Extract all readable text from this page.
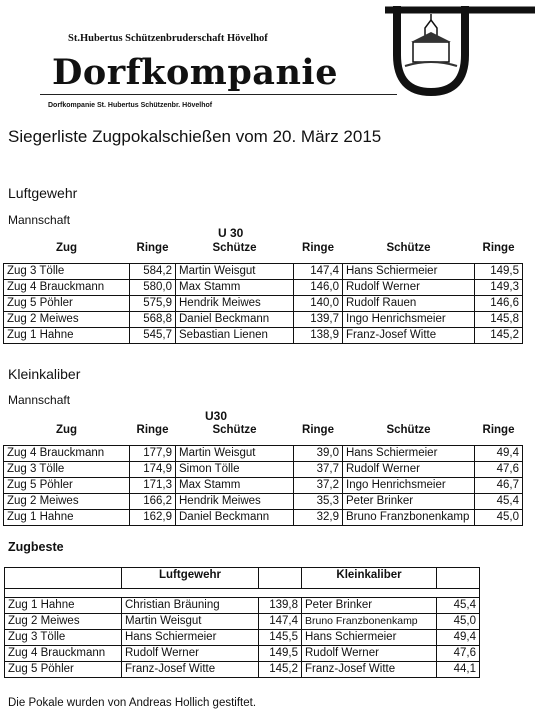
St.Hubertus Schützenbruderschaft Hövelhof
Dorfkompanie
Dorfkompanie St. Hubertus Schützenbr. Hövelhof
Siegerliste Zugpokalschießen vom 20. März 2015
Luftgewehr
Mannschaft
U 30
Zug	Ringe	Schütze	Ringe	Schütze	Ringe

Zug 3 Tölle	584,2	Martin Weisgut	147,4	Hans Schiermeier	149,5
Zug 4 Brauckmann	580,0	Max Stamm	146,0	Rudolf Werner	149,3
Zug 5 Pöhler	575,9	Hendrik Meiwes	140,0	Rudolf Rauen	146,6
Zug 2 Meiwes	568,8	Daniel Beckmann	139,7	Ingo Henrichsmeier	145,8
Zug 1 Hahne	545,7	Sebastian Lienen	138,9	Franz-Josef Witte	145,2
Kleinkaliber
Mannschaft
U30
Zug	Ringe	Schütze	Ringe	Schütze	Ringe

Zug 4 Brauckmann	177,9	Martin Weisgut	39,0	Hans Schiermeier	49,4
Zug 3 Tölle	174,9	Simon Tölle	37,7	Rudolf Werner	47,6
Zug 5 Pöhler	171,3	Max Stamm	37,2	Ingo Henrichsmeier	46,7
Zug 2 Meiwes	166,2	Hendrik Meiwes	35,3	Peter Brinker	45,4
Zug 1 Hahne	162,9	Daniel Beckmann	32,9	Bruno Franzbonenkamp	45,0
Zugbeste
	Luftgewehr		Kleinkaliber	

Zug 1 Hahne	Christian Bräuning	139,8	Peter Brinker	45,4
Zug 2 Meiwes	Martin Weisgut	147,4	Bruno Franzbonenkamp	45,0
Zug 3 Tölle	Hans Schiermeier	145,5	Hans Schiermeier	49,4
Zug 4 Brauckmann	Rudolf Werner	149,5	Rudolf Werner	47,6
Zug 5 Pöhler	Franz-Josef Witte	145,2	Franz-Josef Witte	44,1
Die Pokale wurden von Andreas Hollich gestiftet.
